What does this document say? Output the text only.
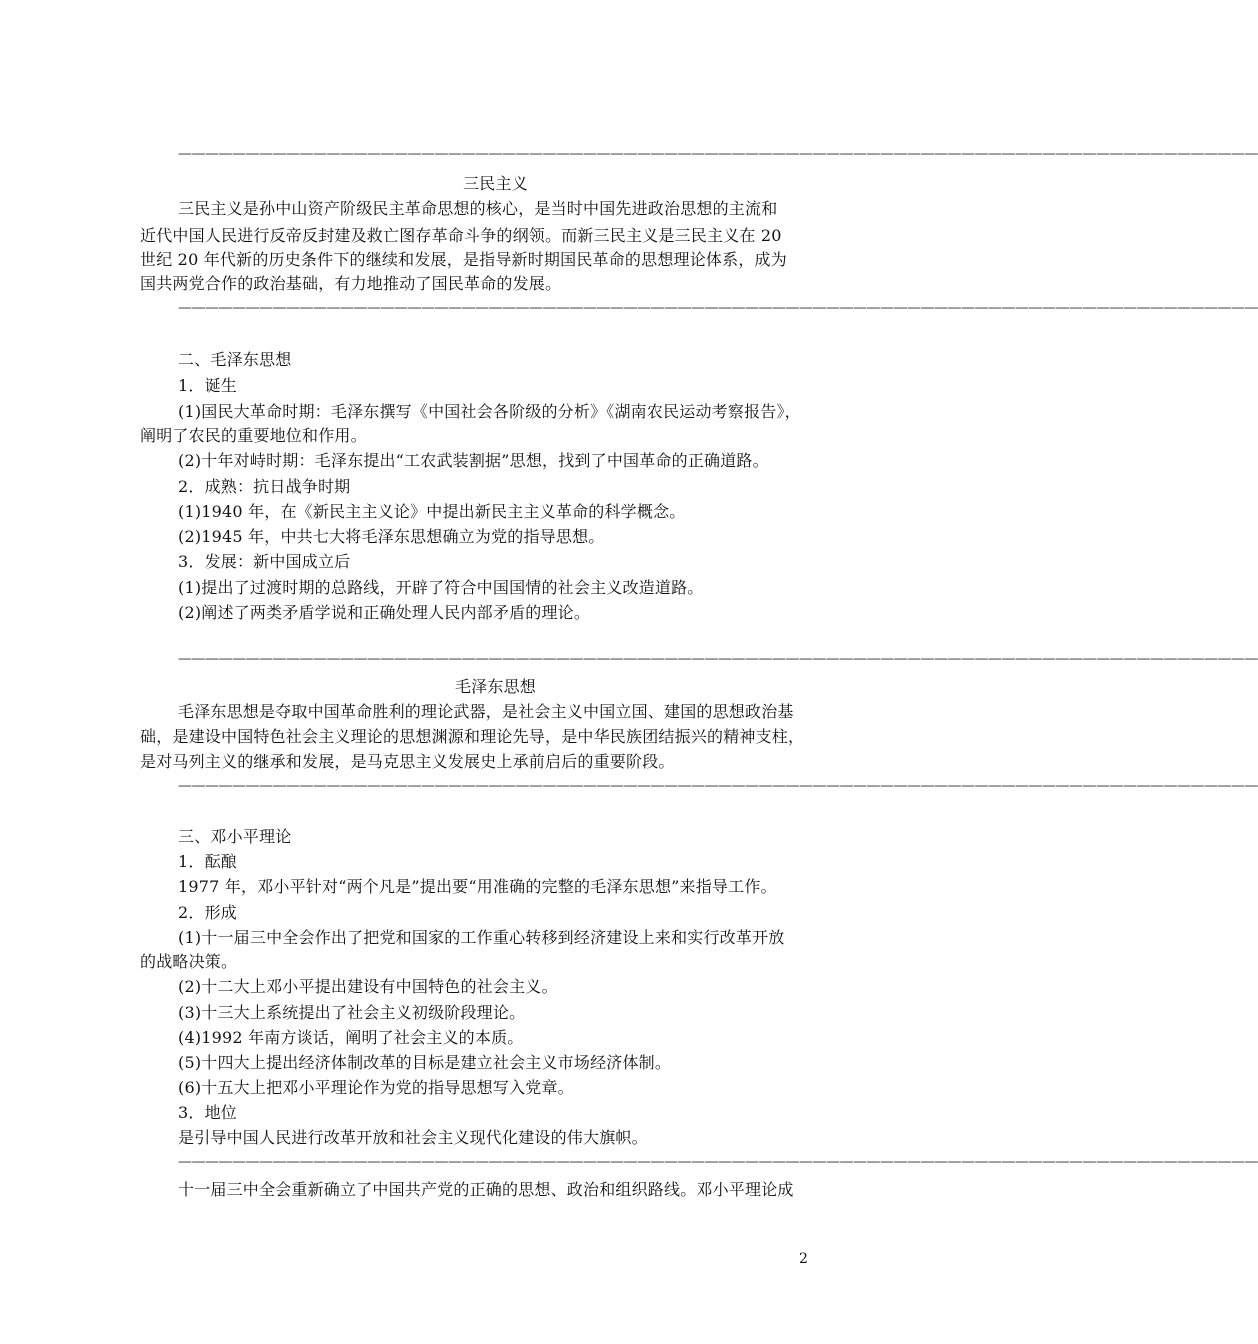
————————————————————————————————————————————————————————————————————————————————
三民主义
三民主义是孙中山资产阶级民主革命思想的核心，是当时中国先进政治思想的主流和
近代中国人民进行反帝反封建及救亡图存革命斗争的纲领。而新三民主义是三民主义在 20
世纪 20 年代新的历史条件下的继续和发展，是指导新时期国民革命的思想理论体系，成为
国共两党合作的政治基础，有力地推动了国民革命的发展。
————————————————————————————————————————————————————————————————————————————————
二、毛泽东思想
1．诞生
(1)国民大革命时期：毛泽东撰写《中国社会各阶级的分析》《湖南农民运动考察报告》，
阐明了农民的重要地位和作用。
(2)十年对峙时期：毛泽东提出“工农武装割据”思想，找到了中国革命的正确道路。
2．成熟：抗日战争时期
(1)1940 年，在《新民主主义论》中提出新民主主义革命的科学概念。
(2)1945 年，中共七大将毛泽东思想确立为党的指导思想。
3．发展：新中国成立后
(1)提出了过渡时期的总路线，开辟了符合中国国情的社会主义改造道路。
(2)阐述了两类矛盾学说和正确处理人民内部矛盾的理论。
————————————————————————————————————————————————————————————————————————————————
毛泽东思想
毛泽东思想是夺取中国革命胜利的理论武器，是社会主义中国立国、建国的思想政治基
础，是建设中国特色社会主义理论的思想渊源和理论先导，是中华民族团结振兴的精神支柱，
是对马列主义的继承和发展，是马克思主义发展史上承前启后的重要阶段。
————————————————————————————————————————————————————————————————————————————————
三、邓小平理论
1．酝酿
1977 年，邓小平针对“两个凡是”提出要“用准确的完整的毛泽东思想”来指导工作。
2．形成
(1)十一届三中全会作出了把党和国家的工作重心转移到经济建设上来和实行改革开放
的战略决策。
(2)十二大上邓小平提出建设有中国特色的社会主义。
(3)十三大上系统提出了社会主义初级阶段理论。
(4)1992 年南方谈话，阐明了社会主义的本质。
(5)十四大上提出经济体制改革的目标是建立社会主义市场经济体制。
(6)十五大上把邓小平理论作为党的指导思想写入党章。
3．地位
是引导中国人民进行改革开放和社会主义现代化建设的伟大旗帜。
————————————————————————————————————————————————————————————————————————————————
十一届三中全会重新确立了中国共产党的正确的思想、政治和组织路线。邓小平理论成
2
